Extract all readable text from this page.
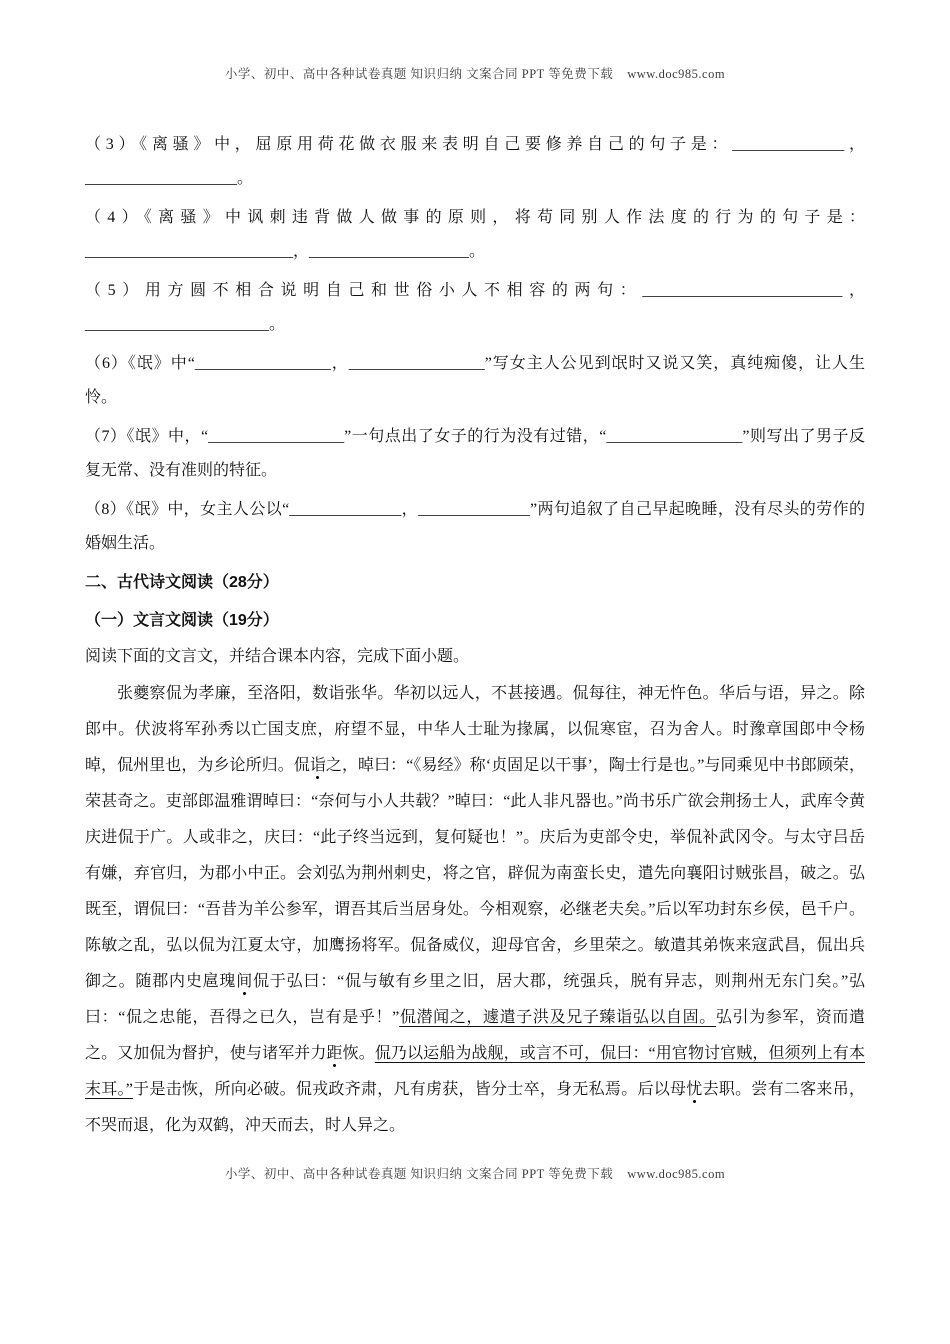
小学、初中、高中各种试卷真题 知识归纳 文案合同 PPT 等免费下载 www.doc985.com

（3）《离骚》中，屈原用荷花做衣服来表明自己要修养自己的句子是：______________，___________________。

（4）《离骚》中讽刺违背做人做事的原则，将苟同别人作法度的行为的句子是：__________________________，____________________。

（5）用方圆不相合说明自己和世俗小人不相容的两句：_________________________，_______________________。

（6）《氓》中“_________________，_________________”写女主人公见到氓时又说又笑，真纯痴傻，让人生怜。

（7）《氓》中，“_________________”一句点出了女子的行为没有过错，“_________________”则写出了男子反复无常、没有准则的特征。

（8）《氓》中，女主人公以“______________，______________”两句追叙了自己早起晚睡，没有尽头的劳作的婚姻生活。

二、古代诗文阅读（28分）
（一）文言文阅读（19分）

阅读下面的文言文，并结合课本内容，完成下面小题。

张夔察侃为孝廉，至洛阳，数诣张华。华初以远人，不甚接遇。侃每往，神无忤色。华后与语，异之。除郎中。伏波将军孙秀以亡国支庶，府望不显，中华人士耻为掾属，以侃寒宦，召为舍人。时豫章国郎中令杨晫，侃州里也，为乡论所归。侃诣之，晫曰：“《易经》称‘贞固足以干事’，陶士行是也。”与同乘见中书郎顾荣，荣甚奇之。吏部郎温雅谓晫曰：“奈何与小人共载？”晫曰：“此人非凡器也。”尚书乐广欲会荆扬士人，武库令黄庆进侃于广。人或非之，庆曰：“此子终当远到，复何疑也！”。庆后为吏部令史，举侃补武冈令。与太守吕岳有嫌，弃官归，为郡小中正。会刘弘为荆州刺史，将之官，辟侃为南蛮长史，遣先向襄阳讨贼张昌，破之。弘既至，谓侃曰：“吾昔为羊公参军，谓吾其后当居身处。今相观察，必继老夫矣。”后以军功封东乡侯，邑千户。陈敏之乱，弘以侃为江夏太守，加鹰扬将军。侃备威仪，迎母官舍，乡里荣之。敏遣其弟恢来寇武昌，侃出兵御之。随郡内史扈瑰间侃于弘曰：“侃与敏有乡里之旧，居大郡，统强兵，脱有异志，则荆州无东门矣。”弘曰：“侃之忠能，吾得之已久，岂有是乎！”侃潜闻之，遽遣子洪及兄子臻诣弘以自固。弘引为参军，资而遣之。又加侃为督护，使与诸军并力距恢。侃乃以运船为战舰，或言不可，侃曰：“用官物讨官贼，但须列上有本末耳。”于是击恢，所向必破。侃戎政齐肃，凡有虏获，皆分士卒，身无私焉。后以母忧去职。尝有二客来吊，不哭而退，化为双鹤，冲天而去，时人异之。

小学、初中、高中各种试卷真题 知识归纳 文案合同 PPT 等免费下载 www.doc985.com
